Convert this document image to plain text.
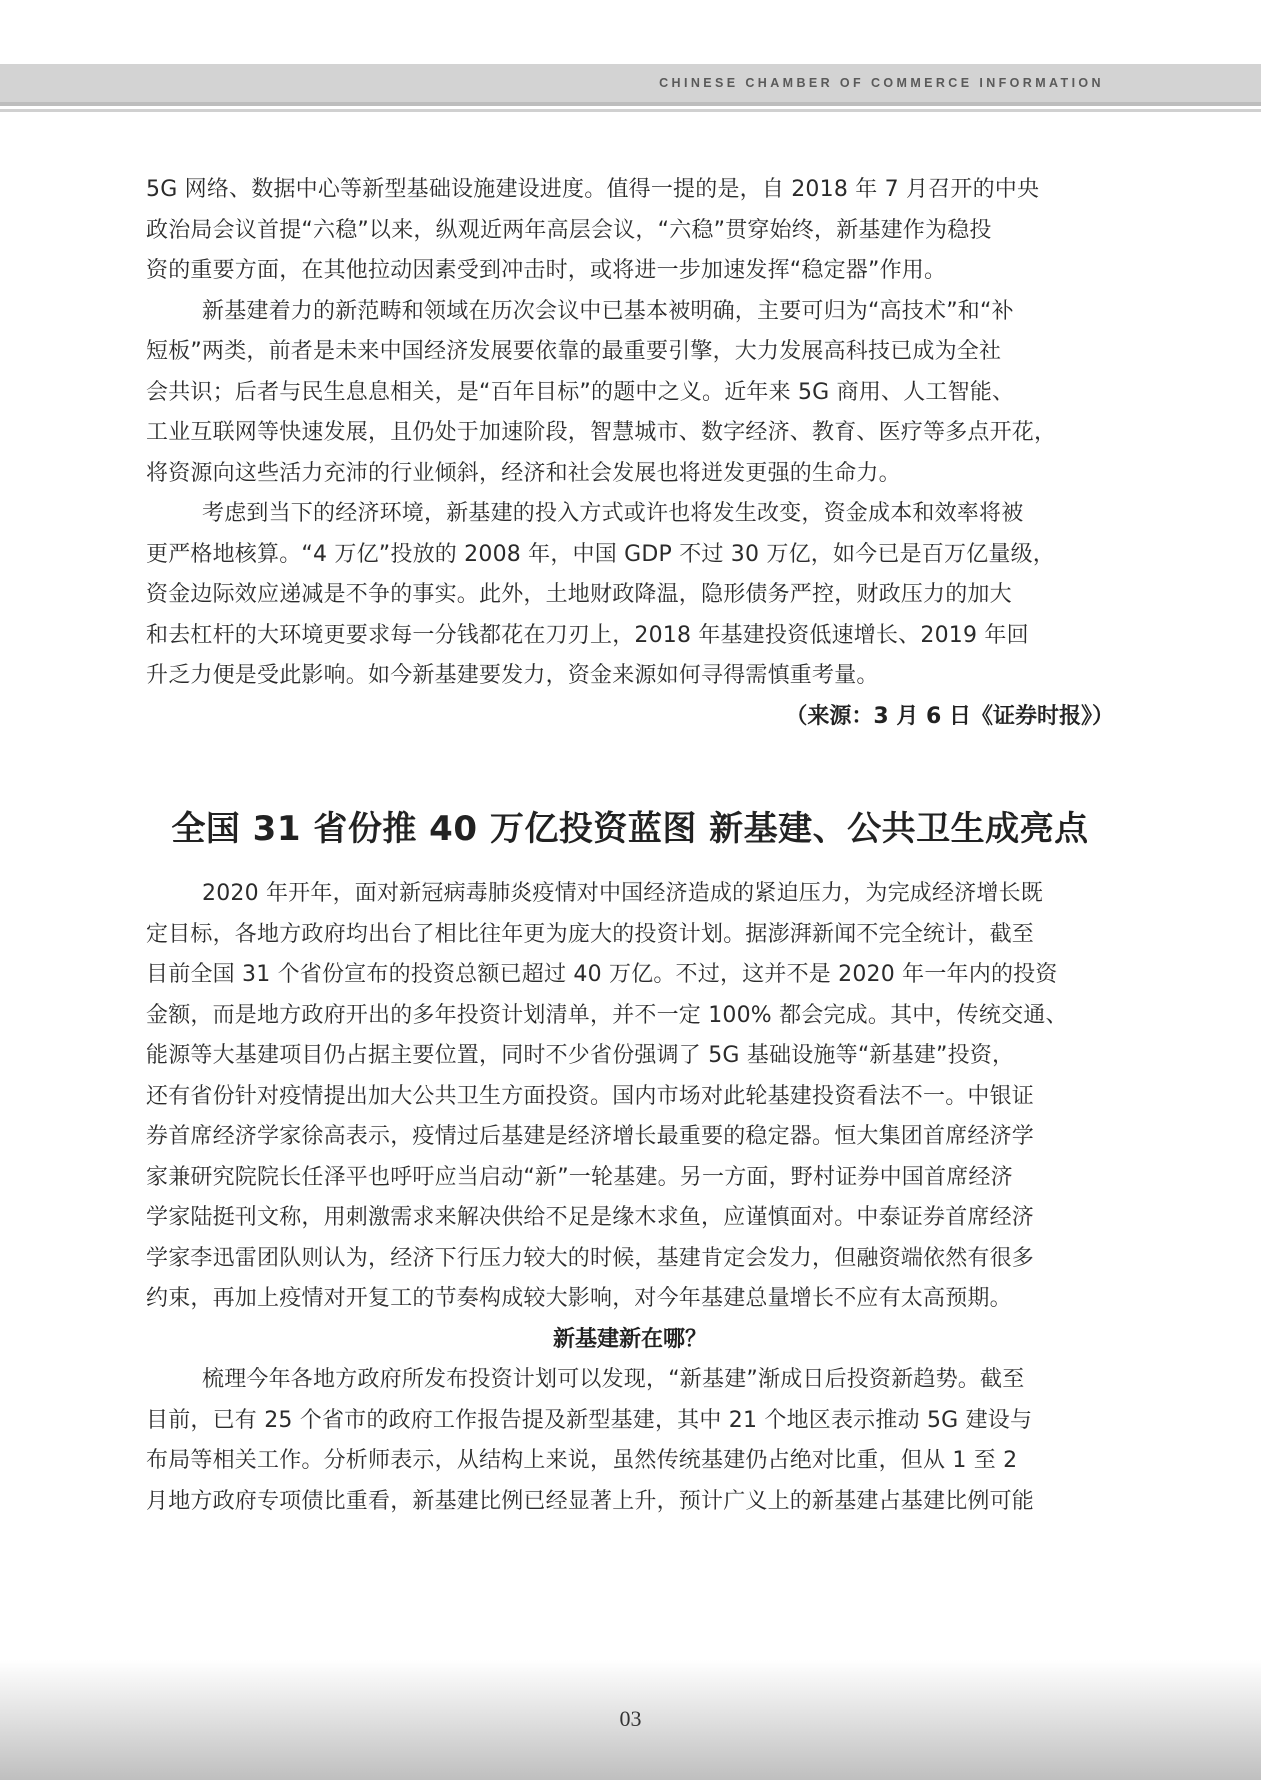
CHINESE CHAMBER OF COMMERCE INFORMATION

5G 网络、数据中心等新型基础设施建设进度。值得一提的是，自 2018 年 7 月召开的中央
政治局会议首提“六稳”以来，纵观近两年高层会议，“六稳”贯穿始终，新基建作为稳投
资的重要方面，在其他拉动因素受到冲击时，或将进一步加速发挥“稳定器”作用。

新基建着力的新范畴和领域在历次会议中已基本被明确，主要可归为“高技术”和“补
短板”两类，前者是未来中国经济发展要依靠的最重要引擎，大力发展高科技已成为全社
会共识；后者与民生息息相关，是“百年目标”的题中之义。近年来 5G 商用、人工智能、
工业互联网等快速发展，且仍处于加速阶段，智慧城市、数字经济、教育、医疗等多点开花，
将资源向这些活力充沛的行业倾斜，经济和社会发展也将迸发更强的生命力。

考虑到当下的经济环境，新基建的投入方式或许也将发生改变，资金成本和效率将被
更严格地核算。“4 万亿”投放的 2008 年，中国 GDP 不过 30 万亿，如今已是百万亿量级，
资金边际效应递减是不争的事实。此外，土地财政降温，隐形债务严控，财政压力的加大
和去杠杆的大环境更要求每一分钱都花在刀刃上，2018 年基建投资低速增长、2019 年回
升乏力便是受此影响。如今新基建要发力，资金来源如何寻得需慎重考量。

（来源：3 月 6 日《证券时报》）

全国 31 省份推 40 万亿投资蓝图 新基建、公共卫生成亮点

2020 年开年，面对新冠病毒肺炎疫情对中国经济造成的紧迫压力，为完成经济增长既
定目标，各地方政府均出台了相比往年更为庞大的投资计划。据澎湃新闻不完全统计，截至
目前全国 31 个省份宣布的投资总额已超过 40 万亿。不过，这并不是 2020 年一年内的投资
金额，而是地方政府开出的多年投资计划清单，并不一定 100% 都会完成。其中，传统交通、
能源等大基建项目仍占据主要位置，同时不少省份强调了 5G 基础设施等“新基建”投资，
还有省份针对疫情提出加大公共卫生方面投资。国内市场对此轮基建投资看法不一。中银证
券首席经济学家徐高表示，疫情过后基建是经济增长最重要的稳定器。恒大集团首席经济学
家兼研究院院长任泽平也呼吁应当启动“新”一轮基建。另一方面，野村证券中国首席经济
学家陆挺刊文称，用刺激需求来解决供给不足是缘木求鱼，应谨慎面对。中泰证券首席经济
学家李迅雷团队则认为，经济下行压力较大的时候，基建肯定会发力，但融资端依然有很多
约束，再加上疫情对开复工的节奏构成较大影响，对今年基建总量增长不应有太高预期。

新基建新在哪？

梳理今年各地方政府所发布投资计划可以发现，“新基建”渐成日后投资新趋势。截至
目前，已有 25 个省市的政府工作报告提及新型基建，其中 21 个地区表示推动 5G 建设与
布局等相关工作。分析师表示，从结构上来说，虽然传统基建仍占绝对比重，但从 1 至 2
月地方政府专项债比重看，新基建比例已经显著上升，预计广义上的新基建占基建比例可能

03
